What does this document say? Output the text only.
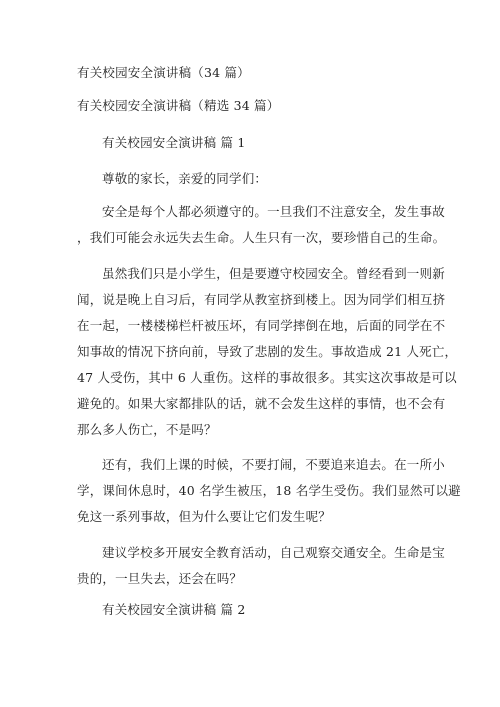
有关校园安全演讲稿（34 篇）
有关校园安全演讲稿（精选 34 篇）
有关校园安全演讲稿 篇 1
尊敬的家长，亲爱的同学们：
安全是每个人都必须遵守的。一旦我们不注意安全，发生事故
，我们可能会永远失去生命。人生只有一次，要珍惜自己的生命。
虽然我们只是小学生，但是要遵守校园安全。曾经看到一则新
闻，说是晚上自习后，有同学从教室挤到楼上。因为同学们相互挤
在一起，一楼楼梯栏杆被压坏，有同学摔倒在地，后面的同学在不
知事故的情况下挤向前，导致了悲剧的发生。事故造成 21 人死亡，
47 人受伤，其中 6 人重伤。这样的事故很多。其实这次事故是可以
避免的。如果大家都排队的话，就不会发生这样的事情，也不会有
那么多人伤亡，不是吗？
还有，我们上课的时候，不要打闹，不要追来追去。在一所小
学，课间休息时，40 名学生被压，18 名学生受伤。我们显然可以避
免这一系列事故，但为什么要让它们发生呢？
建议学校多开展安全教育活动，自己观察交通安全。生命是宝
贵的，一旦失去，还会在吗？
有关校园安全演讲稿 篇 2
